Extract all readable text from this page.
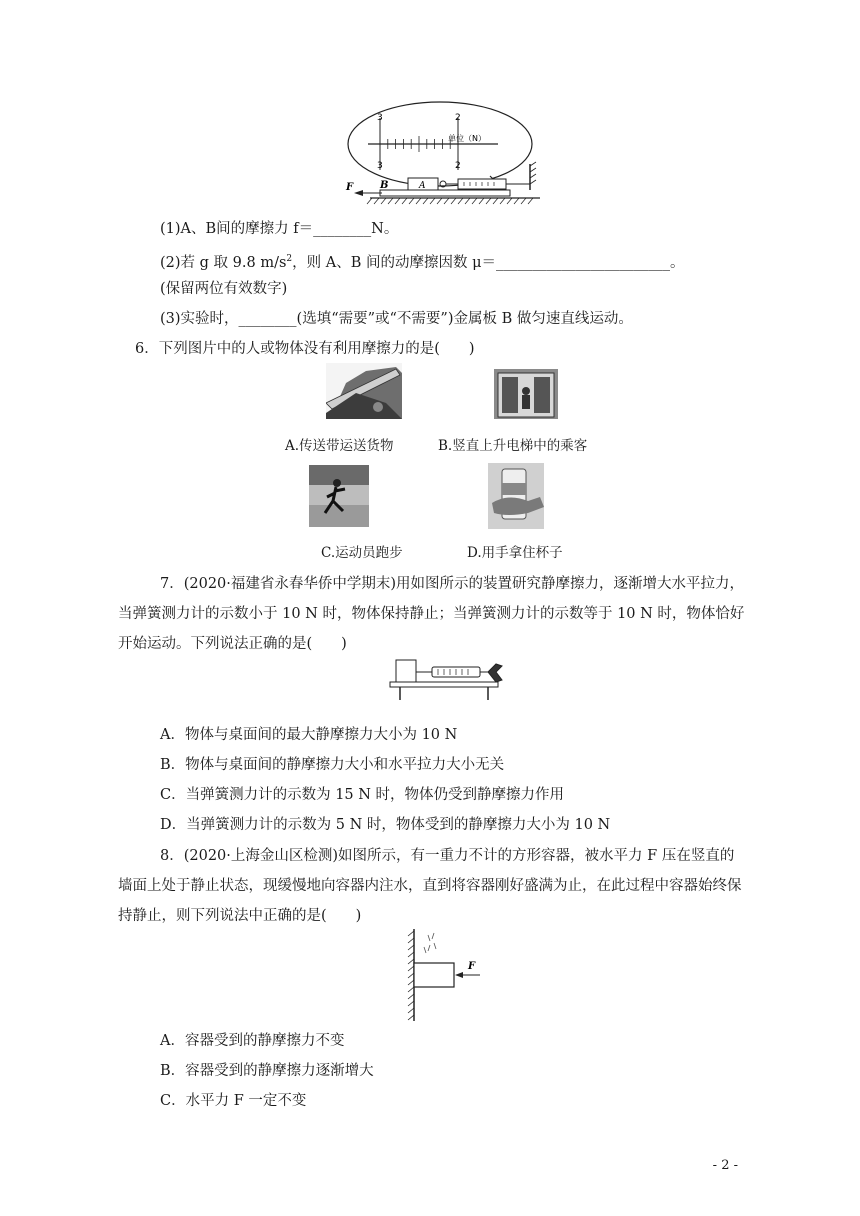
3	2
3	2
单位（N）
F	B	A
(1)A、B间的摩擦力 f＝________N。
(2)若 g 取 9.8 $m/s^2$，则 A、B 间的动摩擦因数 μ＝________________________。
(保留两位有效数字)
(3)实验时，________(选填“需要”或“不需要”)金属板 B 做匀速直线运动。
6．下列图片中的人或物体没有利用摩擦力的是(　　)
A.传送带运送货物	B.竖直上升电梯中的乘客
C.运动员跑步	D.用手拿住杯子
7．(2020·福建省永春华侨中学期末)用如图所示的装置研究静摩擦力，逐渐增大水平拉力，当弹簧测力计的示数小于 10 N 时，物体保持静止；当弹簧测力计的示数等于 10 N 时，物体恰好开始运动。下列说法正确的是(　　)
A．物体与桌面间的最大静摩擦力大小为 10 N
B．物体与桌面间的静摩擦力大小和水平拉力大小无关
C．当弹簧测力计的示数为 15 N 时，物体仍受到静摩擦力作用
D．当弹簧测力计的示数为 5 N 时，物体受到的静摩擦力大小为 10 N
8．(2020·上海金山区检测)如图所示，有一重力不计的方形容器，被水平力 F 压在竖直的墙面上处于静止状态，现缓慢地向容器内注水，直到将容器刚好盛满为止，在此过程中容器始终保持静止，则下列说法中正确的是(　　)
F
A．容器受到的静摩擦力不变
B．容器受到的静摩擦力逐渐增大
C．水平力 F 一定不变
- 2 -
